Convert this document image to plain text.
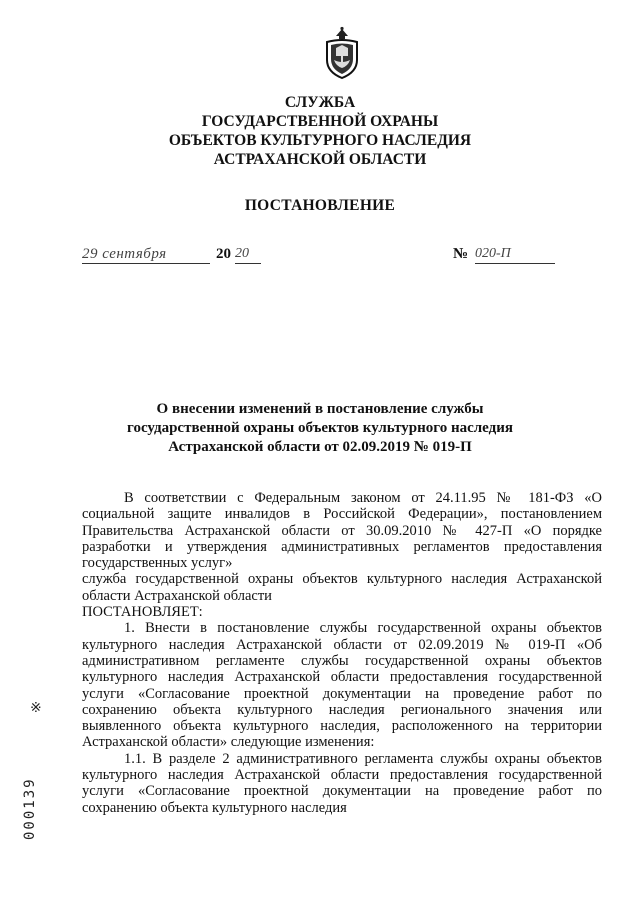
СЛУЖБА
ГОСУДАРСТВЕННОЙ ОХРАНЫ
ОБЪЕКТОВ КУЛЬТУРНОГО НАСЛЕДИЯ
АСТРАХАНСКОЙ ОБЛАСТИ
ПОСТАНОВЛЕНИЕ
29 сентября	20 20	№ 020-П
О внесении изменений в постановление службы
государственной охраны объектов культурного наследия
Астраханской области от 02.09.2019 № 019-П

В соответствии с Федеральным законом от 24.11.95 № 181-ФЗ «О социальной защите инвалидов в Российской Федерации», постановлением Правительства Астраханской области от 30.09.2010 № 427-П «О порядке разработки и утверждения административных регламентов предоставления государственных услуг»

служба государственной охраны объектов культурного наследия Астраханской области Астраханской области

ПОСТАНОВЛЯЕТ:

1. Внести в постановление службы государственной охраны объектов культурного наследия Астраханской области от 02.09.2019 № 019-П «Об административном регламенте службы государственной охраны объектов культурного наследия Астраханской области предоставления государственной услуги «Согласование проектной документации на проведение работ по сохранению объекта культурного наследия регионального значения или выявленного объекта культурного наследия, расположенного на территории Астраханской области» следующие изменения:

1.1. В разделе 2 административного регламента службы охраны объектов культурного наследия Астраханской области предоставления государственной услуги «Согласование проектной документации на проведение работ по сохранению объекта культурного наследия

※
000139
